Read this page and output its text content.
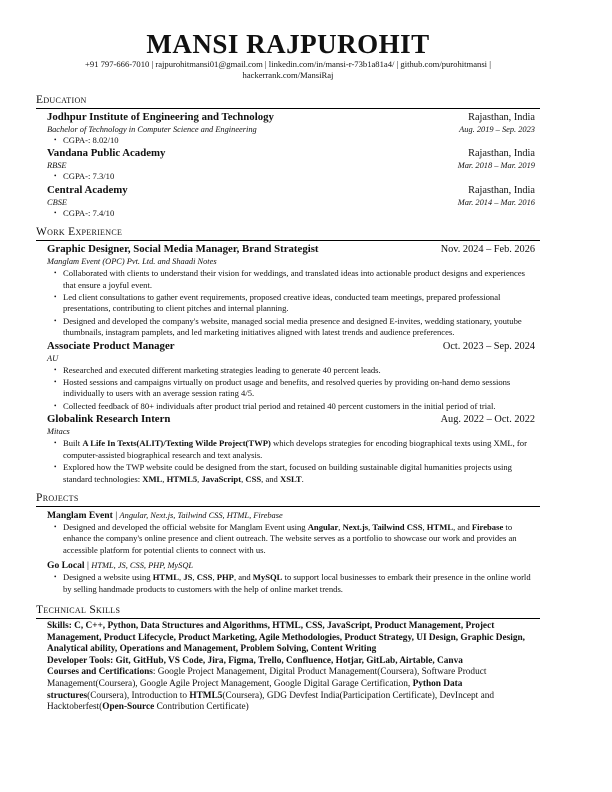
MANSI RAJPUROHIT
+91 797-666-7010 | rajpurohitmansi01@gmail.com | linkedin.com/in/mansi-r-73b1a81a4/ | github.com/purohitmansi |
hackerrank.com/MansiRaj
Education
Jodhpur Institute of Engineering and Technology	Rajasthan, India
Bachelor of Technology in Computer Science and Engineering	Aug. 2019 – Sep. 2023
• CGPA-: 8.02/10
Vandana Public Academy	Rajasthan, India
RBSE	Mar. 2018 – Mar. 2019
• CGPA-: 7.3/10
Central Academy	Rajasthan, India
CBSE	Mar. 2014 – Mar. 2016
• CGPA-: 7.4/10
Work Experience
Graphic Designer, Social Media Manager, Brand Strategist	Nov. 2024 – Feb. 2026
Manglam Event (OPC) Pvt. Ltd. and Shaadi Notes
• Collaborated with clients to understand their vision for weddings, and translated ideas into actionable product designs and experiences that ensure a joyful event.
• Led client consultations to gather event requirements, proposed creative ideas, conducted team meetings, prepared professional presentations, contributing to client pitches and internal planning.
• Designed and developed the company's website, managed social media presence and designed E-invites, wedding stationary, youtube thumbnails, instagram pamplets, and led marketing initiatives aligned with latest trends and audience preferences.
Associate Product Manager	Oct. 2023 – Sep. 2024
AU
• Researched and executed different marketing strategies leading to generate 40 percent leads.
• Hosted sessions and campaigns virtually on product usage and benefits, and resolved queries by providing on-hand demo sessions individually to users with an average session rating 4/5.
• Collected feedback of 80+ individuals after product trial period and retained 40 percent customers in the initial period of trial.
Globalink Research Intern	Aug. 2022 – Oct. 2022
Mitacs
• Built A Life In Texts(ALIT)/Texting Wilde Project(TWP) which develops strategies for encoding biographical texts using XML, for computer-assisted biographical research and text analysis.
• Explored how the TWP website could be designed from the start, focused on building sustainable digital humanities projects using standard technologies: XML, HTML5, JavaScript, CSS, and XSLT.
Projects
Manglam Event | Angular, Next.js, Tailwind CSS, HTML, Firebase
• Designed and developed the official website for Manglam Event using Angular, Next.js, Tailwind CSS, HTML, and Firebase to enhance the company's online presence and client outreach. The website serves as a portfolio to showcase our work and provides an accessible platform for potential clients to connect with us.
Go Local | HTML, JS, CSS, PHP, MySQL
• Designed a website using HTML, JS, CSS, PHP, and MySQL to support local businesses to embark their presence in the online world by selling handmade products to customers with the help of online market trends.
Technical Skills

Skills: C, C++, Python, Data Structures and Algorithms, HTML, CSS, JavaScript, Product Management, Project Management, Product Lifecycle, Product Marketing, Agile Methodologies, Product Strategy, UI Design, Graphic Design, Analytical ability, Operations and Management, Problem Solving, Content Writing

Developer Tools: Git, GitHub, VS Code, Jira, Figma, Trello, Confluence, Hotjar, GitLab, Airtable, Canva

Courses and Certifications: Google Project Management, Digital Product Management(Coursera), Software Product Management(Coursera), Google Agile Project Management, Google Digital Garage Certification, Python Data structures(Coursera), Introduction to HTML5(Coursera), GDG Devfest India(Participation Certificate), DevIncept and Hacktoberfest(Open-Source Contribution Certificate)
